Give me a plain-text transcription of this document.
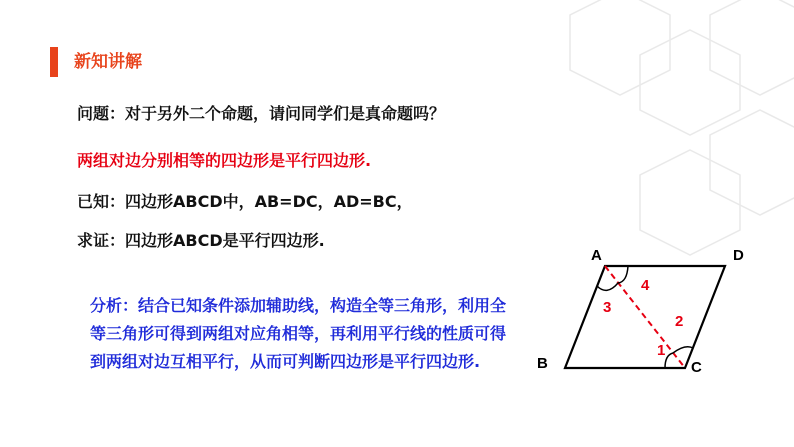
新知讲解
问题：对于另外二个命题，请问同学们是真命题吗？
两组对边分别相等的四边形是平行四边形.
已知：四边形ABCD中，AB=DC，AD=BC，
求证：四边形ABCD是平行四边形.
分析：结合已知条件添加辅助线，构造全等三角形，利用全等三角形可得到两组对应角相等，再利用平行线的性质可得到两组对边互相平行，从而可判断四边形是平行四边形.
A	D
B	C
3
4
2
1
